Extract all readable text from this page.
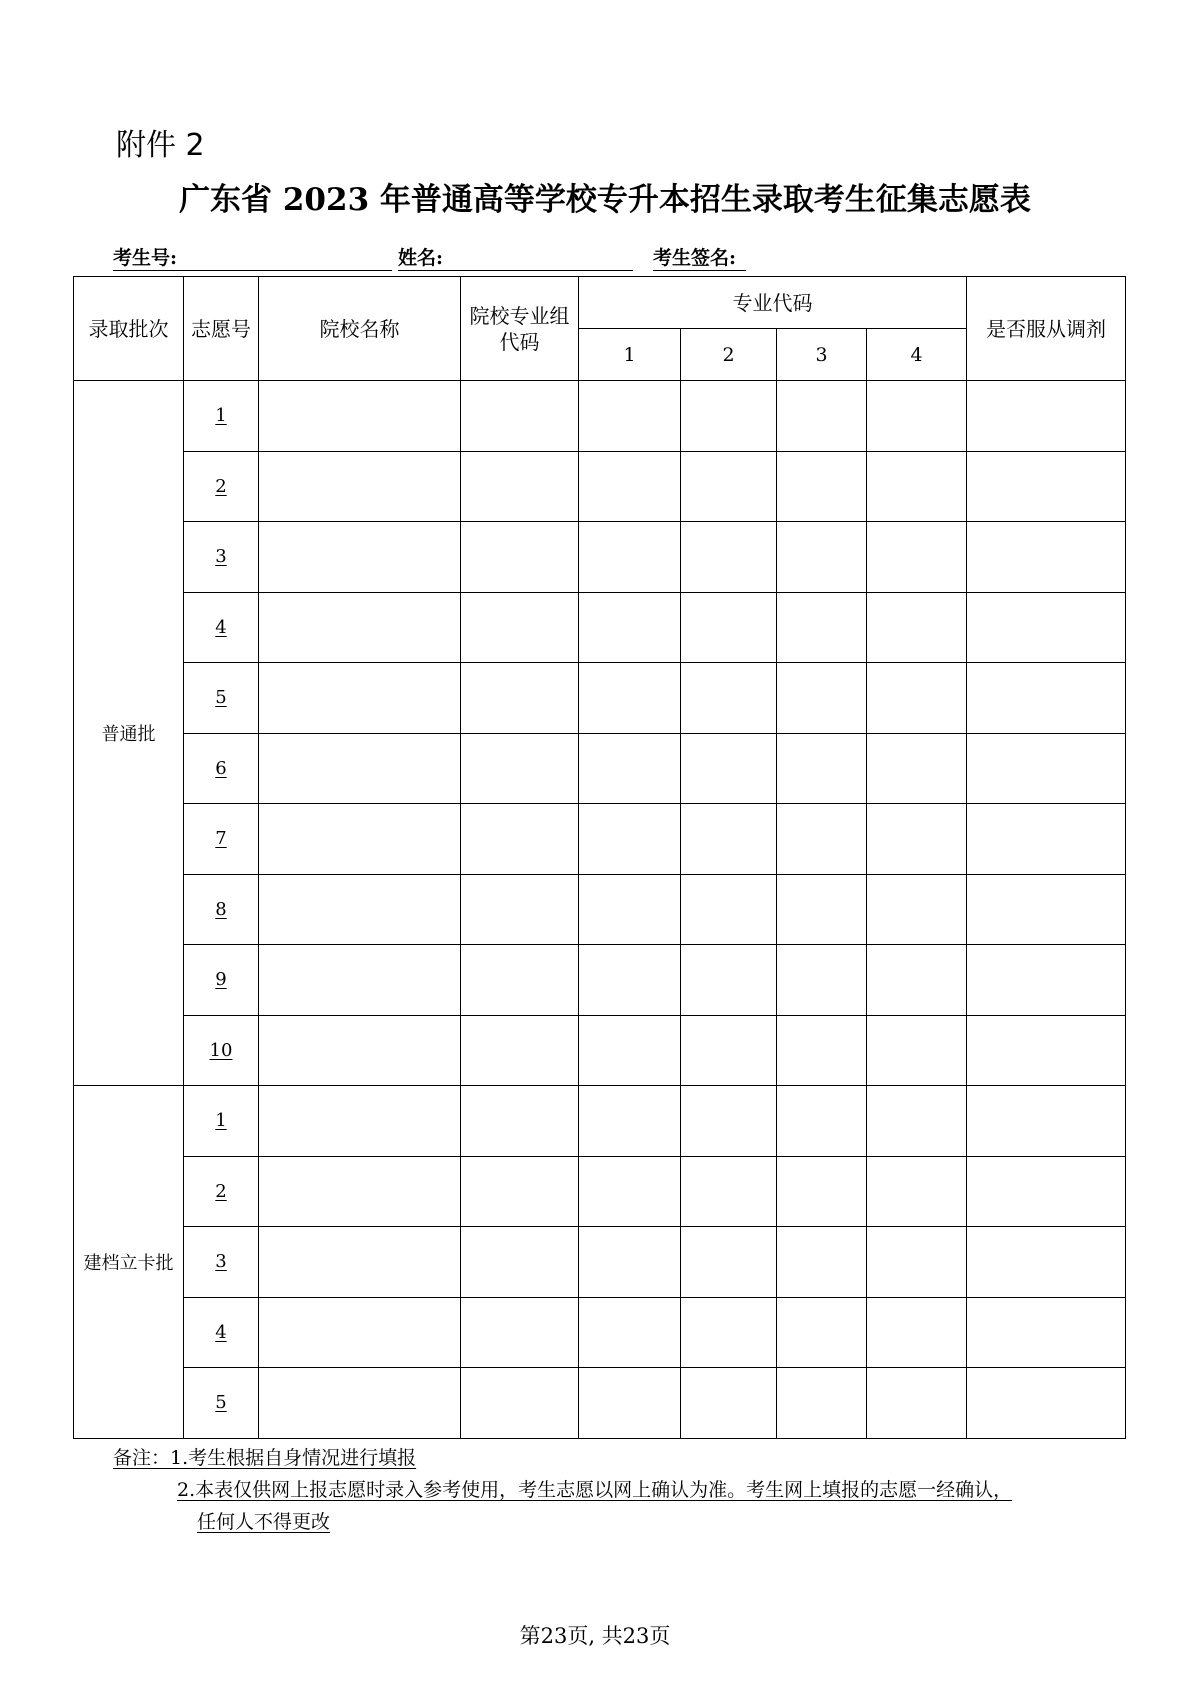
附件 2
广东省 2023 年普通高等学校专升本招生录取考生征集志愿表
考生号:	姓名:	考生签名:
录取批次	志愿号	院校名称	院校专业组代码	专业代码				是否服从调剂
				1	2	3	4	
普通批	1							
	2							
	3							
	4							
	5							
	6							
	7							
	8							
	9							
	10							
建档立卡批	1							
	2							
	3							
	4							
	5							
备注：1.考生根据自身情况进行填报
2.本表仅供网上报志愿时录入参考使用，考生志愿以网上确认为准。考生网上填报的志愿一经确认，
任何人不得更改
第23页, 共23页
